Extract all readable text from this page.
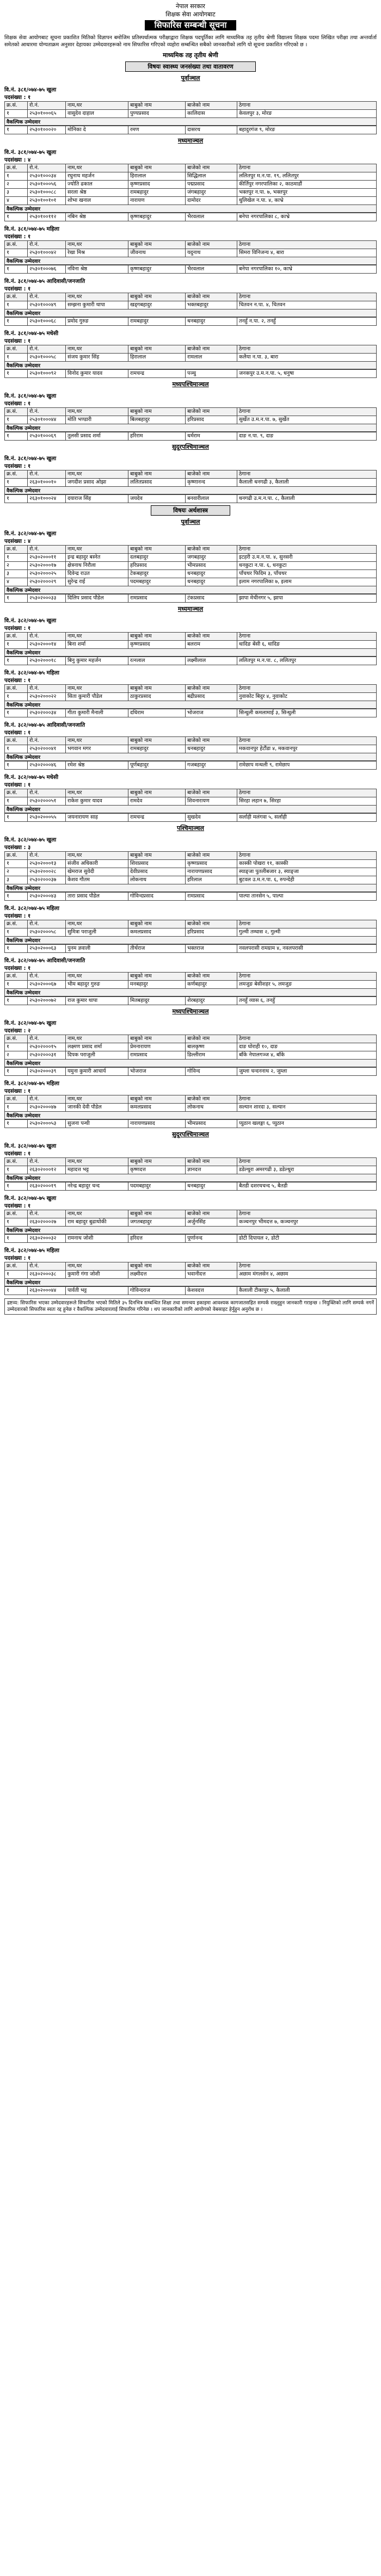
नेपाल सरकार
शिक्षक सेवा आयोगबाट
सिफारिस सम्बन्धी सूचना
शिक्षक सेवा आयोगबाट सूचना प्रकाशित मितिको विज्ञापन बमोजिम प्रतिस्पर्धात्मक परीक्षाद्वारा शिक्षक पदपूर्तिका लागि माध्यमिक तह तृतीय श्रेणी विद्यालय शिक्षक पदमा लिखित परीक्षा तथा अन्तर्वार्ता समेतको आधारमा योग्यताक्रम अनुसार देहायका उम्मेदवारहरूको नाम सिफारिस गरिएको व्यहोरा सम्बन्धित सबैको जानकारीको लागि यो सूचना प्रकाशित गरिएको छ ।
माध्यमिक तह तृतीय श्रेणी
विषयः स्वास्थ्य जनसंख्या तथा वातावरण
पूर्वाञ्चल
वि.नं. ३८१/०७४-७५ खुला
पदसंख्या : १
क्र.सं.	रो.नं.	नाम,थर	बाबुको नाम	बाजेको नाम	ठेगाना
१	२५३०१०००६५	वासुदेव दाहाल	पुण्यप्रसाद	कालिदास	केवलपुर ३, मोरङ
वैकल्पिक उम्मेदवार
१	२५३०१०००२०	मोनिका दे	रमण	दासरथ	बहादुरगंज ९, मोरङ
मध्यमाञ्चल
वि.नं. ३८१/०७४-७५ खुला
पदसंख्या : ४
क्र.सं.	रो.नं.	नाम,थर	बाबुको नाम	बाजेको नाम	ठेगाना
१	२५३०१०००३४	रघुनाथ महर्जन	हिरालाल	सिद्धिलाल	ललितपुर म.न.पा. १९, ललितपुर
२	२५३०१०००५६	ज्योति ढकाल	कृष्णप्रसाद	पद्मप्रसाद	कीर्तिपुर नगरपालिका २, काठमाडौं
३	२५३०१०००८८	सरला श्रेष्ठ	रामबहादुर	जंगबहादुर	भक्तपुर न.पा. ७, भक्तपुर
४	२५३०१००१०१	शोभा खनाल	नारायण	दामोदर	धुलिखेल न.पा. ४, काभ्रे
वैकल्पिक उम्मेदवार
१	२५३०१००११२	नबिन श्रेष्ठ	कृष्णबहादुर	भैरवलाल	बनेपा नगरपालिका ८, काभ्रे
वि.नं. ३८१/०७४-७५ महिला
पदसंख्या : १
क्र.सं.	रो.नं.	नाम,थर	बाबुको नाम	बाजेको नाम	ठेगाना
१	२५३०१०००४२	रेखा मिश्र	जीवनाथ	यदुनाथ	सिमरा विनिजन्य ४, बारा
वैकल्पिक उम्मेदवार
१	२५३०१०००७६	नविना श्रेष्ठ	कृष्णबहादुर	भैरवलाल	बनेपा नगरपालिका १०, काभ्रे
वि.नं. ३८१/०७४-७५ आदिवासी/जनजाति
पदसंख्या : १
क्र.सं.	रो.नं.	नाम,थर	बाबुको नाम	बाजेको नाम	ठेगाना
१	२५३०१०००४९	सम्झना कुमारी थापा	खड्गबहादुर	भक्तबहादुर	चितवन न.पा. ४, चितवन
वैकल्पिक उम्मेदवार
१	२५३०१०००६८	प्रमोद गुरुङ	रामबहादुर	धनबहादुर	तनहुँ न.पा. २, तनहुँ
वि.नं. ३८१/०७४-७५ मधेसी
पदसंख्या : १
क्र.सं.	रो.नं.	नाम,थर	बाबुको नाम	बाजेको नाम	ठेगाना
१	२५३०१०००५८	संजय कुमार सिंह	हिरालाल	रामलाल	कलैया न.पा. ३, बारा
वैकल्पिक उम्मेदवार
१	२५३०१०००९२	विनोद कुमार यादव	रामचन्द्र	पञ्चु	जनकपुर उ.म.न.पा. ५, धनुषा
मध्यपश्चिमाञ्चल
वि.नं. ३८१/०७४-७५ खुला
पदसंख्या : १
क्र.सं.	रो.नं.	नाम,थर	बाबुको नाम	बाजेको नाम	ठेगाना
१	२५३०१०००४४	मोति भण्डारी	बिलबहादुर	हरिप्रसाद	सुर्खेत उ.म.न.पा. ७, सुर्खेत
वैकल्पिक उम्मेदवार
१	२५३०१०००६९	तुलसी प्रसाद शर्मा	हरिराम	धर्मराम	दाङ न.पा. ९, दाङ
सुदूरपश्चिमाञ्चल
वि.नं. ३८१/०७४-७५ खुला
पदसंख्या : १
क्र.सं.	रो.नं.	नाम,थर	बाबुको नाम	बाजेको नाम	ठेगाना
१	२६३०१०००१०	जगदीश प्रसाद ओझा	ललितप्रसाद	कृष्णानन्द	कैलाली धनगढी ३, कैलाली
वैकल्पिक उम्मेदवार
१	२६३०१०००२४	दयाराज सिंह	जयदेव	बनवारीलाल	धनगढी उ.म.न.पा. ८, कैलाली
विषयः अर्थशास्त्र
पूर्वाञ्चल
वि.नं. ३८२/०७४-७५ खुला
पदसंख्या : ४
क्र.सं.	रो.नं.	नाम,थर	बाबुको नाम	बाजेको नाम	ठेगाना
१	२५३०२०००११	इन्द्र बहादुर बस्नेत	दलबहादुर	जगबहादुर	इटहरी उ.म.न.पा. ४, सुनसरी
२	२५३०२०००१७	क्षेत्रनाथ निरौला	हरिप्रसाद	भीमप्रसाद	धनकुटा न.पा. ६, धनकुटा
३	२५३०२०००२५	दिवेन्द्र राउत	टेकबहादुर	धनबहादुर	पाँचथर फिदिम ३, पाँचथर
४	२५३०२०००२९	सुरेन्द्र राई	पदमबहादुर	धनबहादुर	इलाम नगरपालिका ७, इलाम
वैकल्पिक उम्मेदवार
१	२५३०२०००३३	दिलिप प्रसाद पौडेल	रामप्रसाद	टंकप्रसाद	झापा मेचीनगर ५, झापा
मध्यमाञ्चल
वि.नं. ३८२/०७४-७५ खुला
पदसंख्या : १
क्र.सं.	रो.नं.	नाम,थर	बाबुको नाम	बाजेको नाम	ठेगाना
१	२५३०२०००१४	बिना शर्मा	कृष्णप्रसाद	बलराम	धादिङ बेंसी ६, धादिङ
वैकल्पिक उम्मेदवार
१	२५३०२०००१८	बिनु कुमार महर्जन	रत्नलाल	लक्ष्मीलाल	ललितपुर म.न.पा. ८, ललितपुर
वि.नं. ३८२/०७४-७५ महिला
पदसंख्या : १
क्र.सं.	रो.नं.	नाम,थर	बाबुको नाम	बाजेको नाम	ठेगाना
१	२५३०२०००२२	सिता कुमारी पौडेल	ठाकुरप्रसाद	बद्रीप्रसाद	नुवाकोट बिदुर ४, नुवाकोट
वैकल्पिक उम्मेदवार
१	२५३०२०००३४	गीता कुमारी मैनाली	दधिराम	भोजराज	सिन्धुली कमलामाई ३, सिन्धुली
वि.नं. ३८२/०७४-७५ आदिवासी/जनजाति
पदसंख्या : १
क्र.सं.	रो.नं.	नाम,थर	बाबुको नाम	बाजेको नाम	ठेगाना
१	२५३०२०००४१	भगवान मगर	रामबहादुर	धनबहादुर	मकवानपुर हेटौंडा ४, मकवानपुर
वैकल्पिक उम्मेदवार
१	२५३०२०००४६	रमेश श्रेष्ठ	पूर्णबहादुर	गजबहादुर	रामेछाप मन्थली ९, रामेछाप
वि.नं. ३८२/०७४-७५ मधेसी
पदसंख्या : १
क्र.सं.	रो.नं.	नाम,थर	बाबुको नाम	बाजेको नाम	ठेगाना
१	२५३०२०००५१	राकेश कुमार यादव	रामदेव	शिवनारायण	सिरहा लहान ७, सिरहा
वैकल्पिक उम्मेदवार
१	२५३०२०००५५	जयनारायण साह	रामचन्द्र	सुखदेव	सर्लाही मलंगवा ५, सर्लाही
पश्चिमाञ्चल
वि.नं. ३८२/०७४-७५ खुला
पदसंख्या : ३
क्र.सं.	रो.नं.	नाम,थर	बाबुको नाम	बाजेको नाम	ठेगाना
१	२५३०२०००१३	संजीव अधिकारी	शिवप्रसाद	कृष्णप्रसाद	कास्की पोखरा ११, कास्की
२	२५३०२०००२८	खेमराज सुवेदी	देवीप्रसाद	नारायणप्रसाद	स्याङ्जा पुतलीबजार ३, स्याङ्जा
३	२५३०२०००३७	केशव गौतम	लोकनाथ	हरिलाल	बुटवल उ.म.न.पा. ६, रुपन्देही
वैकल्पिक उम्मेदवार
१	२५३०२०००४३	तारा प्रसाद पौडेल	गोविन्दप्रसाद	रामप्रसाद	पाल्पा तानसेन ५, पाल्पा
वि.नं. ३८२/०७४-७५ महिला
पदसंख्या : १
क्र.सं.	रो.नं.	नाम,थर	बाबुको नाम	बाजेको नाम	ठेगाना
१	२५३०२०००५८	सुमित्रा पराजुली	कमलप्रसाद	हरिप्रसाद	गुल्मी तम्घास २, गुल्मी
वैकल्पिक उम्मेदवार
१	२५३०२०००६३	पुनम ज्ञवाली	तीर्थराज	भक्तराज	नवलपरासी रामग्राम ४, नवलपरासी
वि.नं. ३८२/०७४-७५ आदिवासी/जनजाति
पदसंख्या : १
क्र.सं.	रो.नं.	नाम,थर	बाबुको नाम	बाजेको नाम	ठेगाना
१	२५३०२०००६७	भीम बहादुर गुरुङ	मनबहादुर	कर्णबहादुर	लमजुङ बेसीशहर ५, लमजुङ
वैकल्पिक उम्मेदवार
१	२५३०२०००७२	राज कुमार थापा	मितबहादुर	शेरबहादुर	तनहुँ व्यास ६, तनहुँ
मध्यपश्चिमाञ्चल
वि.नं. ३८२/०७४-७५ खुला
पदसंख्या : २
क्र.सं.	रो.नं.	नाम,थर	बाबुको नाम	बाजेको नाम	ठेगाना
१	२५३०२०००१५	लक्ष्मण प्रसाद शर्मा	प्रेमनारायण	बालकृष्ण	दाङ घोराही १०, दाङ
२	२५३०२०००३१	दिपक पराजुली	रामप्रसाद	डिल्लीराम	बाँके नेपालगञ्ज ४, बाँके
वैकल्पिक उम्मेदवार
१	२५३०२०००३९	यमुना कुमारी आचार्य	भोजराज	गोविन्द	जुम्ला चन्दननाथ २, जुम्ला
वि.नं. ३८२/०७४-७५ महिला
पदसंख्या : १
क्र.सं.	रो.नं.	नाम,थर	बाबुको नाम	बाजेको नाम	ठेगाना
१	२५३०२०००४७	जानकी देवी पौडेल	कमलप्रसाद	लोकनाथ	सल्यान शारदा ३, सल्यान
वैकल्पिक उम्मेदवार
१	२५३०२०००५३	सुजना पन्थी	नारायणप्रसाद	भीमप्रसाद	प्युठान खलङ्गा ६, प्युठान
सुदूरपश्चिमाञ्चल
वि.नं. ३८२/०७४-७५ खुला
पदसंख्या : १
क्र.सं.	रो.नं.	नाम,थर	बाबुको नाम	बाजेको नाम	ठेगाना
१	२६३०२०००१२	महादत्त भट्ट	कृष्णदत्त	ज्ञानदत्त	डडेल्धुरा अमरगढी ३, डडेल्धुरा
वैकल्पिक उम्मेदवार
१	२६३०२०००१९	नरेन्द्र बहादुर चन्द	पदमबहादुर	धनबहादुर	बैतडी दशरथचन्द ५, बैतडी
वि.नं. ३८२/०७४-७५ खुला
पदसंख्या : १
क्र.सं.	रो.नं.	नाम,थर	बाबुको नाम	बाजेको नाम	ठेगाना
१	२६३०२०००२७	राम बहादुर बुढाथोकी	जगतबहादुर	अर्जुनसिंह	कञ्चनपुर भीमदत्त ७, कञ्चनपुर
वैकल्पिक उम्मेदवार
१	२६३०२०००३२	रामनाथ जोशी	हरिदत्त	पूर्णानन्द	डोटी दिपायल २, डोटी
वि.नं. ३८२/०७४-७५ महिला
पदसंख्या : १
क्र.सं.	रो.नं.	नाम,थर	बाबुको नाम	बाजेको नाम	ठेगाना
१	२६३०२०००३८	कुमारी गंगा जोशी	लक्ष्मीदत्त	भवानीदत्त	अछाम मंगलसेन ४, अछाम
वैकल्पिक उम्मेदवार
१	२६३०२०००४४	पार्वती भट्ट	गोविन्दराज	केशवदत्त	कैलाली टीकापुर ५, कैलाली
द्रष्टव्य: सिफारिस भएका उम्मेदवारहरूले सिफारिस भएको मितिले ३५ दिनभित्र सम्बन्धित शिक्षा तथा समन्वय इकाइमा आवश्यक कागजातसहित सम्पर्क राख्नुहुन जानकारी गराइन्छ । नियुक्तिको लागि सम्पर्क नगर्ने उम्मेदवारको सिफारिस स्वतः रद्द हुनेछ र वैकल्पिक उम्मेदवारलाई सिफारिस गरिनेछ । थप जानकारीको लागि आयोगको वेबसाइट हेर्नुहुन अनुरोध छ ।
